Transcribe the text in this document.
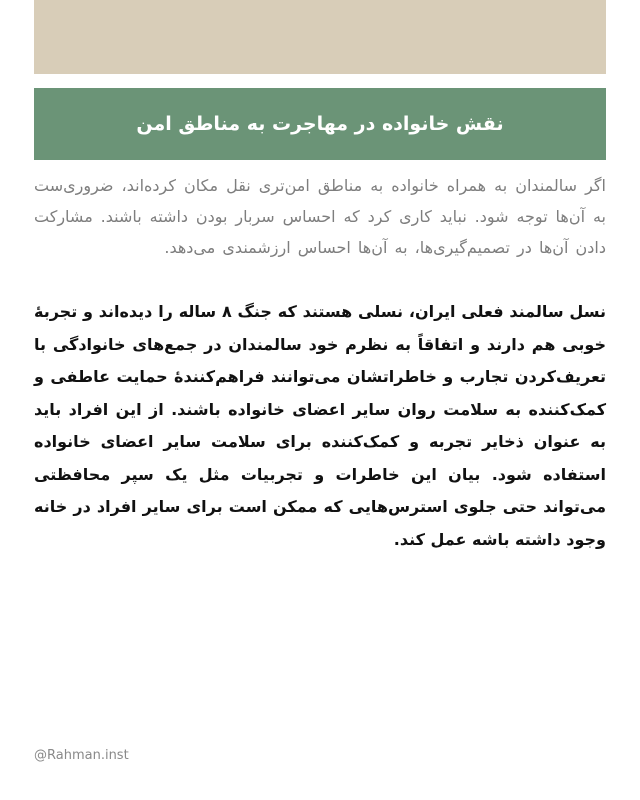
نقش خانواده در مهاجرت به مناطق امن
اگر سالمندان به همراه خانواده به مناطق امن‌تری نقل مکان کرده‌اند، ضروری‌ست به آن‌ها توجه شود. نباید کاری کرد که احساس سربار بودن داشته باشند. مشارکت دادن آن‌ها در تصمیم‌گیری‌ها، به آن‌ها احساس ارزشمندی می‌دهد.
نسل سالمند فعلی ایران، نسلی هستند که جنگ ۸ ساله را دیده‌اند و تجربهٔ خوبی هم دارند و اتفاقاً به نظرم خود سالمندان در جمع‌های خانوادگی با تعریف‌کردن تجارب و خاطراتشان می‌توانند فراهم‌کنندهٔ حمایت عاطفی و کمک‌کننده به سلامت روان سایر اعضای خانواده باشند. از این افراد باید به عنوان ذخایر تجربه و کمک‌کننده برای سلامت سایر اعضای خانواده استفاده شود. بیان این خاطرات و تجربیات مثل یک سپر محافظتی می‌تواند حتی جلوی استرس‌هایی که ممکن است برای سایر افراد در خانه وجود داشته باشه عمل کند.
@Rahman.inst
